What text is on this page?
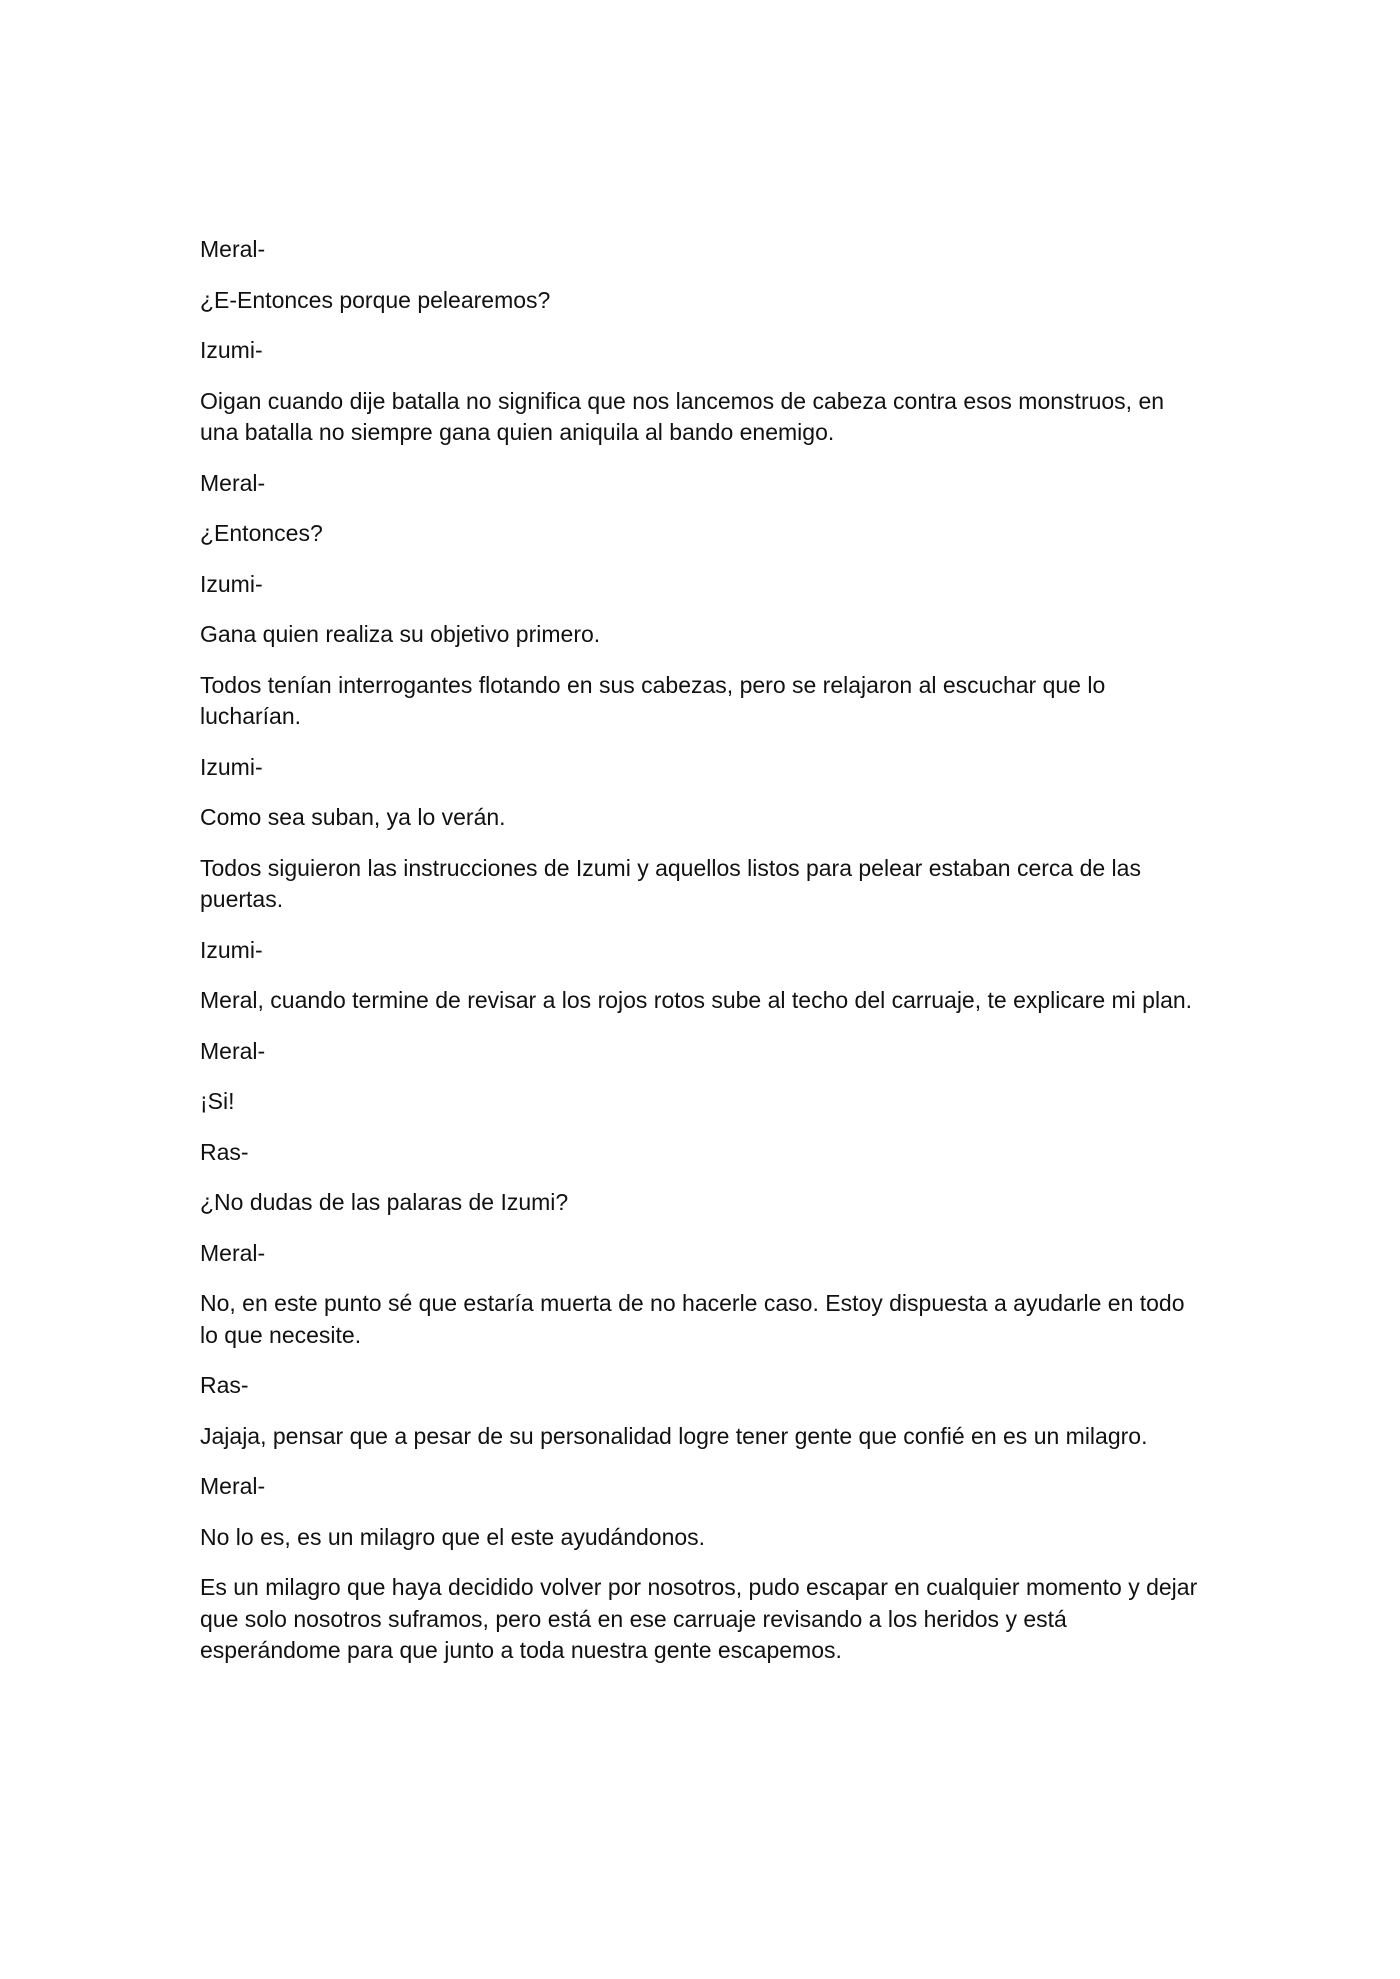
Meral-

¿E-Entonces porque pelearemos?

Izumi-

Oigan cuando dije batalla no significa que nos lancemos de cabeza contra esos monstruos, en una batalla no siempre gana quien aniquila al bando enemigo.

Meral-

¿Entonces?

Izumi-

Gana quien realiza su objetivo primero.

Todos tenían interrogantes flotando en sus cabezas, pero se relajaron al escuchar que lo lucharían.

Izumi-

Como sea suban, ya lo verán.

Todos siguieron las instrucciones de Izumi y aquellos listos para pelear estaban cerca de las puertas.

Izumi-

Meral, cuando termine de revisar a los rojos rotos sube al techo del carruaje, te explicare mi plan.

Meral-

¡Si!

Ras-

¿No dudas de las palaras de Izumi?

Meral-

No, en este punto sé que estaría muerta de no hacerle caso. Estoy dispuesta a ayudarle en todo lo que necesite.

Ras-

Jajaja, pensar que a pesar de su personalidad logre tener gente que confié en es un milagro.

Meral-

No lo es, es un milagro que el este ayudándonos.

Es un milagro que haya decidido volver por nosotros, pudo escapar en cualquier momento y dejar que solo nosotros suframos, pero está en ese carruaje revisando a los heridos y está esperándome para que junto a toda nuestra gente escapemos.
